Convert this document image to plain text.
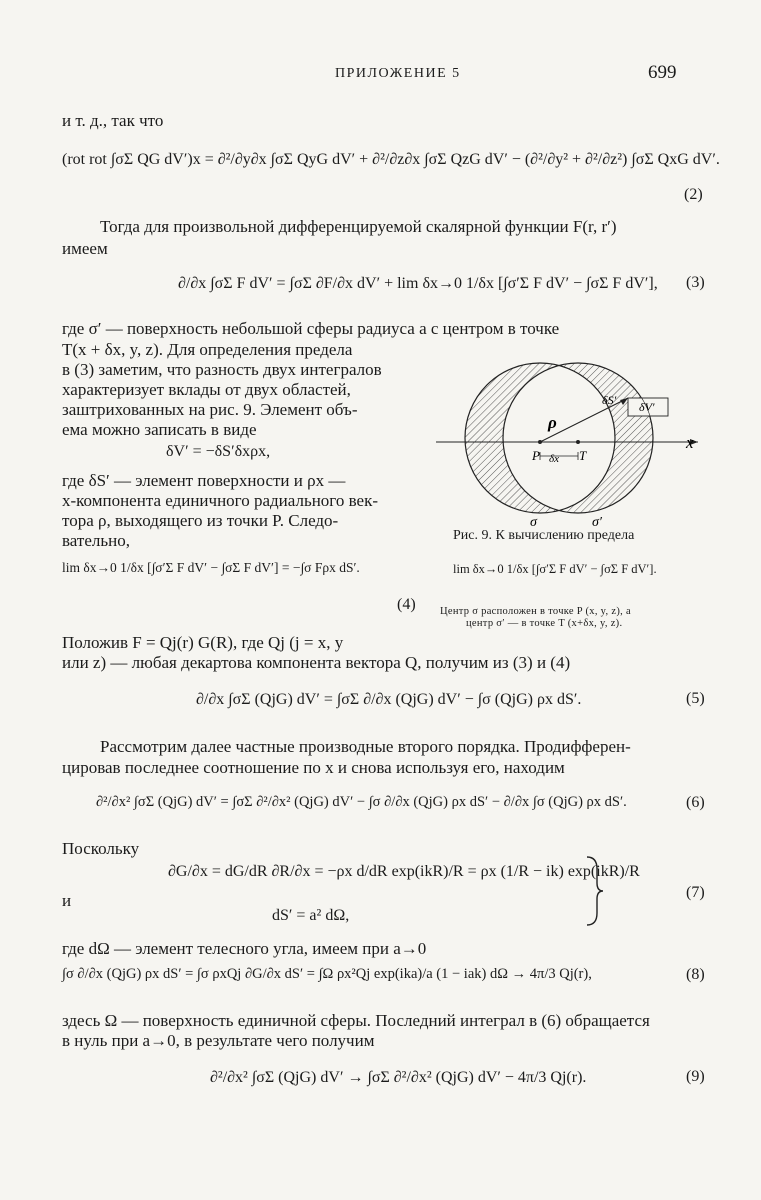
ПРИЛОЖЕНИЕ 5	699
и т. д., так что
(rot rot ∫σΣ QG dV′)x = ∂²/∂y∂x ∫σΣ QyG dV′ + ∂²/∂z∂x ∫σΣ QzG dV′ − (∂²/∂y² + ∂²/∂z²) ∫σΣ QxG dV′.
(2)
Тогда для произвольной дифференцируемой скалярной функции F(r, r′)
имеем
∂/∂x ∫σΣ F dV′ = ∫σΣ ∂F/∂x dV′ + lim δx→0 1/δx [∫σ′Σ F dV′ − ∫σΣ F dV′], (3)
где σ′ — поверхность небольшой сферы радиуса a с центром в точке
T(x + δx, y, z). Для определения предела
в (3) заметим, что разность двух интегралов
характеризует вклады от двух областей,
заштрихованных на рис. 9. Элемент объ-
ема можно записать в виде
δV′ = −δS′δxρx,
где δS′ — элемент поверхности и ρx —
x-компонента единичного радиального век-
тора ρ, выходящего из точки P. Следо-
вательно,
lim δx→0 1/δx [∫σ′Σ F dV′ − ∫σΣ F dV′] = −∫σ Fρx dS′.
(4)
ρ
P	T
δx
δS′ δV′
x
σ	σ′
Рис. 9. К вычислению предела
lim δx→0 1/δx [∫σ′Σ F dV′ − ∫σΣ F dV′].
Центр σ расположен в точке P (x, y, z), а
центр σ′ — в точке T (x+δx, y, z).
Положив F = Qj(r) G(R), где Qj (j = x, y
или z) — любая декартова компонента вектора Q, получим из (3) и (4)
∂/∂x ∫σΣ (QjG) dV′ = ∫σΣ ∂/∂x (QjG) dV′ − ∫σ (QjG) ρx dS′.	(5)
Рассмотрим далее частные производные второго порядка. Продифферен-
цировав последнее соотношение по x и снова используя его, находим
∂²/∂x² ∫σΣ (QjG) dV′ = ∫σΣ ∂²/∂x² (QjG) dV′ − ∫σ ∂/∂x (QjG) ρx dS′ − ∂/∂x ∫σ (QjG) ρx dS′.	(6)
Поскольку
∂G/∂x = dG/dR ∂R/∂x = −ρx d/dR exp(ikR)/R = ρx (1/R − ik) exp(ikR)/R
и
dS′ = a² dΩ,
(7)
где dΩ — элемент телесного угла, имеем при a→0
∫σ ∂/∂x (QjG) ρx dS′ = ∫σ ρxQj ∂G/∂x dS′ = ∫Ω ρx²Qj exp(ika)/a (1 − iak) dΩ → 4π/3 Qj(r),	(8)
здесь Ω — поверхность единичной сферы. Последний интеграл в (6) обращается
в нуль при a→0, в результате чего получим
∂²/∂x² ∫σΣ (QjG) dV′ → ∫σΣ ∂²/∂x² (QjG) dV′ − 4π/3 Qj(r).	(9)
